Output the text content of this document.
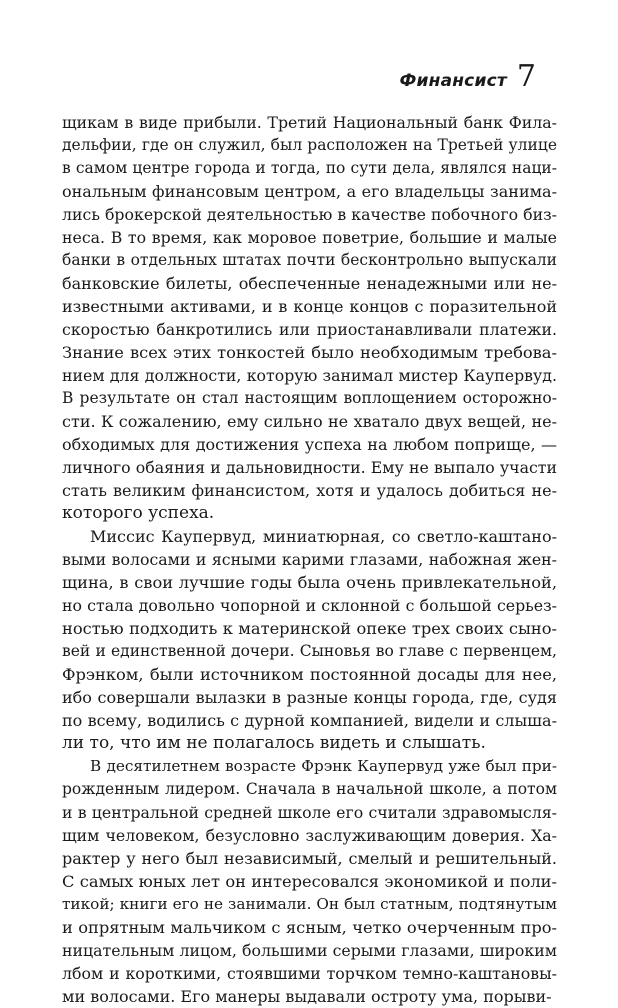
Финансист 7
щикам в виде прибыли. Третий Национальный банк Фила-
дельфии, где он служил, был расположен на Третьей улице
в самом центре города и тогда, по сути дела, являлся наци-
ональным финансовым центром, а его владельцы занима-
лись брокерской деятельностью в качестве побочного биз-
неса. В то время, как моровое поветрие, большие и малые
банки в отдельных штатах почти бесконтрольно выпускали
банковские билеты, обеспеченные ненадежными или не-
известными активами, и в конце концов с поразительной
скоростью банкротились или приостанавливали платежи.
Знание всех этих тонкостей было необходимым требова-
нием для должности, которую занимал мистер Каупервуд.
В результате он стал настоящим воплощением осторожно-
сти. К сожалению, ему сильно не хватало двух вещей, не-
обходимых для достижения успеха на любом поприще, —
личного обаяния и дальновидности. Ему не выпало участи
стать великим финансистом, хотя и удалось добиться не-
которого успеха.
Миссис Каупервуд, миниатюрная, со светло-каштано-
выми волосами и ясными карими глазами, набожная жен-
щина, в свои лучшие годы была очень привлекательной,
но стала довольно чопорной и склонной с большой серьез-
ностью подходить к материнской опеке трех своих сыно-
вей и единственной дочери. Сыновья во главе с первенцем,
Фрэнком, были источником постоянной досады для нее,
ибо совершали вылазки в разные концы города, где, судя
по всему, водились с дурной компанией, видели и слыша-
ли то, что им не полагалось видеть и слышать.
В десятилетнем возрасте Фрэнк Каупервуд уже был при-
рожденным лидером. Сначала в начальной школе, а потом
и в центральной средней школе его считали здравомысля-
щим человеком, безусловно заслуживающим доверия. Ха-
рактер у него был независимый, смелый и решительный.
С самых юных лет он интересовался экономикой и поли-
тикой; книги его не занимали. Он был статным, подтянутым
и опрятным мальчиком с ясным, четко очерченным про-
ницательным лицом, большими серыми глазами, широким
лбом и короткими, стоявшими торчком темно-каштановы-
ми волосами. Его манеры выдавали остроту ума, порыви-
